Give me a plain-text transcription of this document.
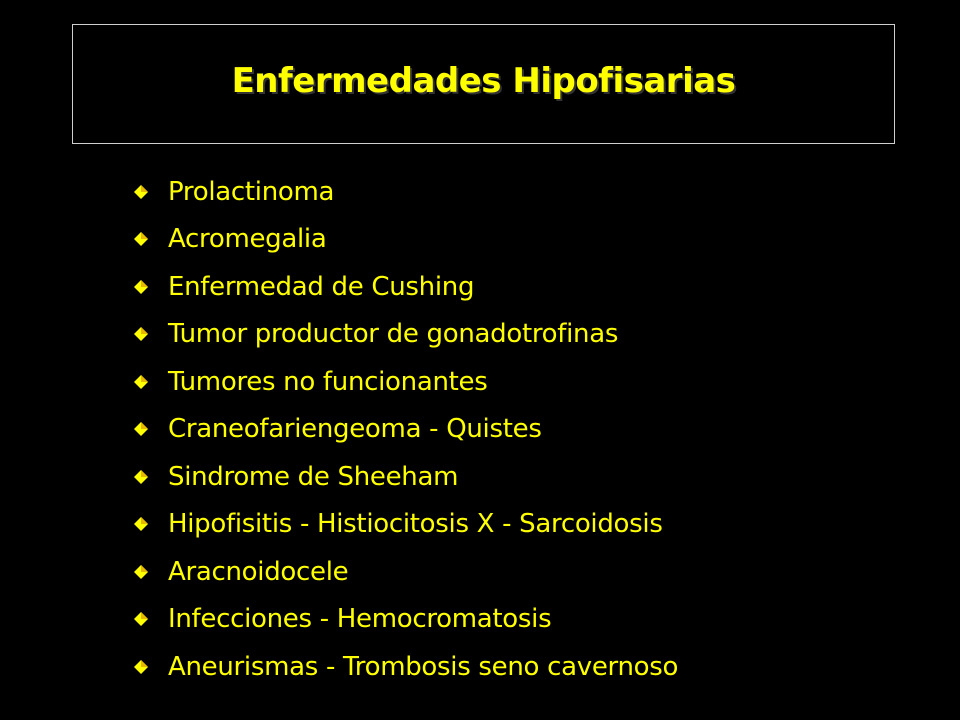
Enfermedades Hipofisarias
Prolactinoma
Acromegalia
Enfermedad de Cushing
Tumor productor de gonadotrofinas
Tumores no funcionantes
Craneofariengeoma - Quistes
Sindrome de Sheeham
Hipofisitis - Histiocitosis X - Sarcoidosis
Aracnoidocele
Infecciones - Hemocromatosis
Aneurismas - Trombosis seno cavernoso
